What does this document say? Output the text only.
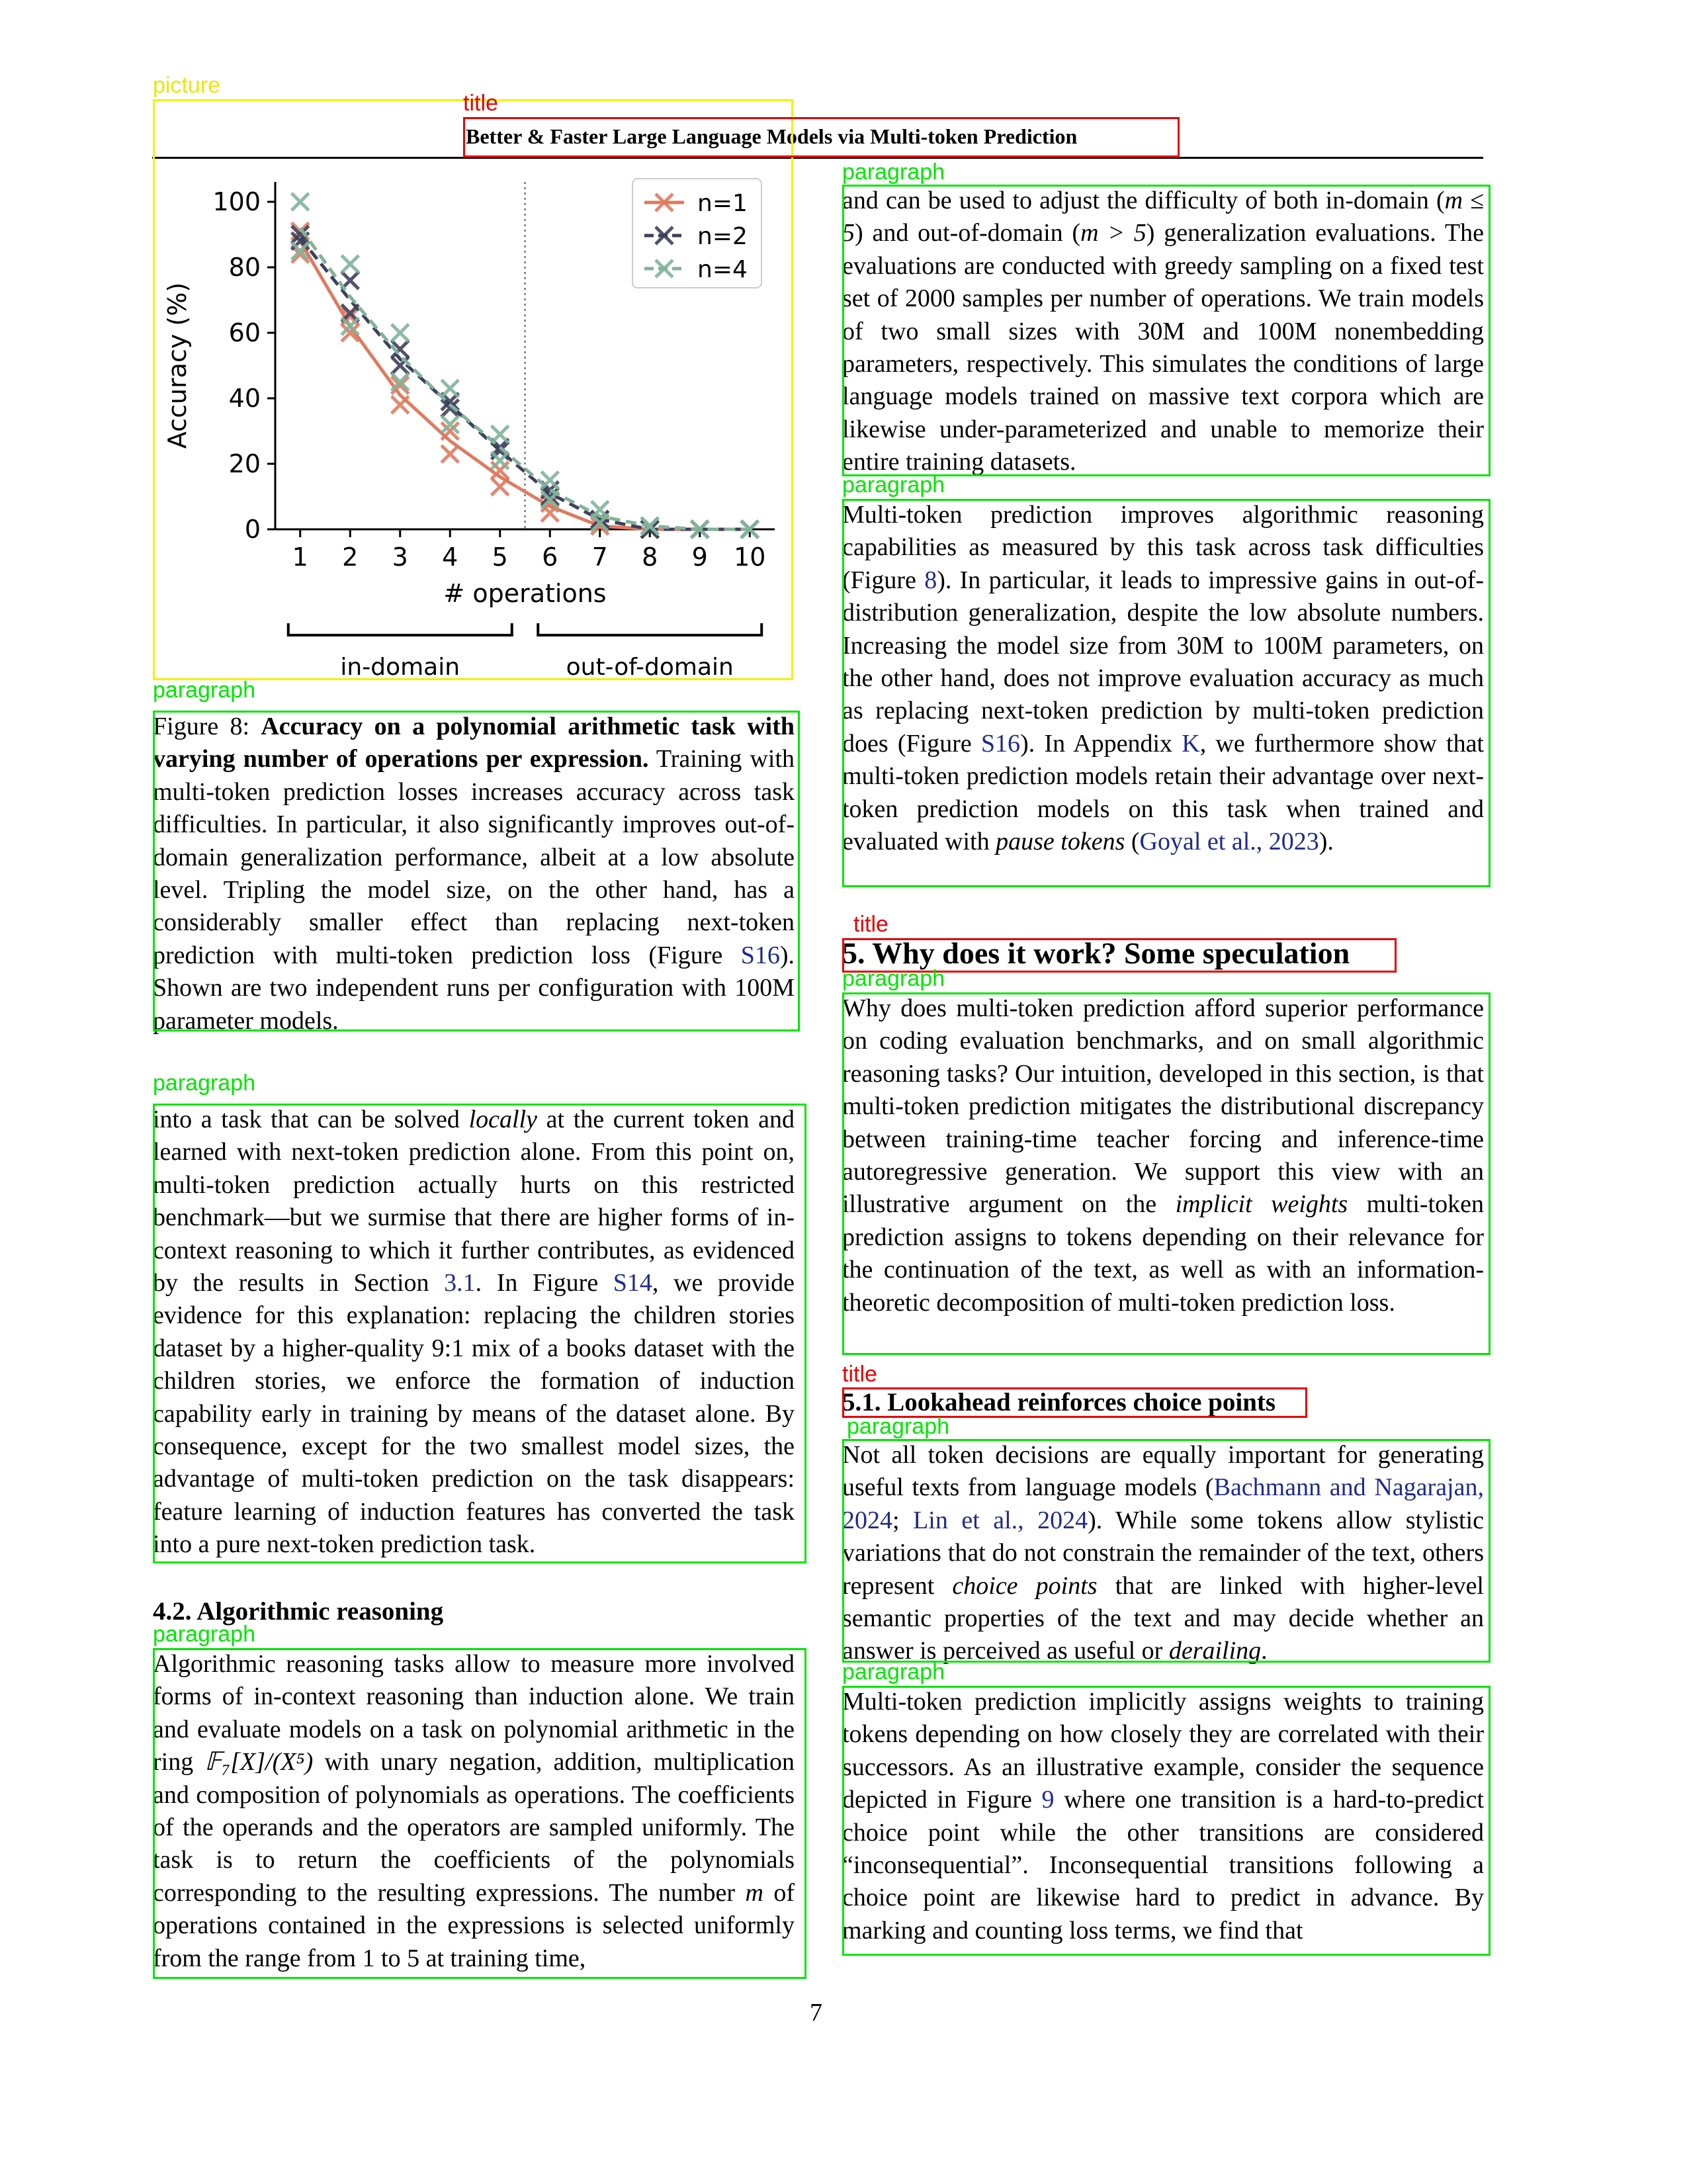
Better & Faster Large Language Models via Multi-token Prediction
0
20
40
60
80
100
1 2 3 4 5 6 7 8 9 10
# operations
Accuracy (%)
in-domain	out-of-domain
n=1
n=2
n=4
Figure 8: Accuracy on a polynomial arithmetic task with varying number of operations per expression. Training with multi-token prediction losses increases accuracy across task difficulties. In particular, it also significantly improves out-of-domain generalization performance, albeit at a low absolute level. Tripling the model size, on the other hand, has a considerably smaller effect than replacing next-token prediction with multi-token prediction loss (Figure S16). Shown are two independent runs per configuration with 100M parameter models.
into a task that can be solved locally at the current token and learned with next-token prediction alone. From this point on, multi-token prediction actually hurts on this restricted benchmark—but we surmise that there are higher forms of in-context reasoning to which it further contributes, as evidenced by the results in Section 3.1. In Figure S14, we provide evidence for this explanation: replacing the children stories dataset by a higher-quality 9:1 mix of a books dataset with the children stories, we enforce the formation of induction capability early in training by means of the dataset alone. By consequence, except for the two smallest model sizes, the advantage of multi-token prediction on the task disappears: feature learning of induction features has converted the task into a pure next-token prediction task.
4.2. Algorithmic reasoning
Algorithmic reasoning tasks allow to measure more involved forms of in-context reasoning than induction alone. We train and evaluate models on a task on polynomial arithmetic in the ring 𝔽₇[X]/(X⁵) with unary negation, addition, multiplication and composition of polynomials as operations. The coefficients of the operands and the operators are sampled uniformly. The task is to return the coefficients of the polynomials corresponding to the resulting expressions. The number m of operations contained in the expressions is selected uniformly from the range from 1 to 5 at training time,
and can be used to adjust the difficulty of both in-domain (m ≤ 5) and out-of-domain (m > 5) generalization evaluations. The evaluations are conducted with greedy sampling on a fixed test set of 2000 samples per number of operations. We train models of two small sizes with 30M and 100M nonembedding parameters, respectively. This simulates the conditions of large language models trained on massive text corpora which are likewise under-parameterized and unable to memorize their entire training datasets.
Multi-token prediction improves algorithmic reasoning capabilities as measured by this task across task difficulties (Figure 8). In particular, it leads to impressive gains in out-of-distribution generalization, despite the low absolute numbers. Increasing the model size from 30M to 100M parameters, on the other hand, does not improve evaluation accuracy as much as replacing next-token prediction by multi-token prediction does (Figure S16). In Appendix K, we furthermore show that multi-token prediction models retain their advantage over next-token prediction models on this task when trained and evaluated with pause tokens (Goyal et al., 2023).
5. Why does it work? Some speculation
Why does multi-token prediction afford superior performance on coding evaluation benchmarks, and on small algorithmic reasoning tasks? Our intuition, developed in this section, is that multi-token prediction mitigates the distributional discrepancy between training-time teacher forcing and inference-time autoregressive generation. We support this view with an illustrative argument on the implicit weights multi-token prediction assigns to tokens depending on their relevance for the continuation of the text, as well as with an information-theoretic decomposition of multi-token prediction loss.
5.1. Lookahead reinforces choice points
Not all token decisions are equally important for generating useful texts from language models (Bachmann and Nagarajan, 2024; Lin et al., 2024). While some tokens allow stylistic variations that do not constrain the remainder of the text, others represent choice points that are linked with higher-level semantic properties of the text and may decide whether an answer is perceived as useful or derailing.
Multi-token prediction implicitly assigns weights to training tokens depending on how closely they are correlated with their successors. As an illustrative example, consider the sequence depicted in Figure 9 where one transition is a hard-to-predict choice point while the other transitions are considered “inconsequential”. Inconsequential transitions following a choice point are likewise hard to predict in advance. By marking and counting loss terms, we find that
7
picture
title
paragraph
paragraph
paragraph
title
paragraph
paragraph
title
paragraph
paragraph
paragraph
